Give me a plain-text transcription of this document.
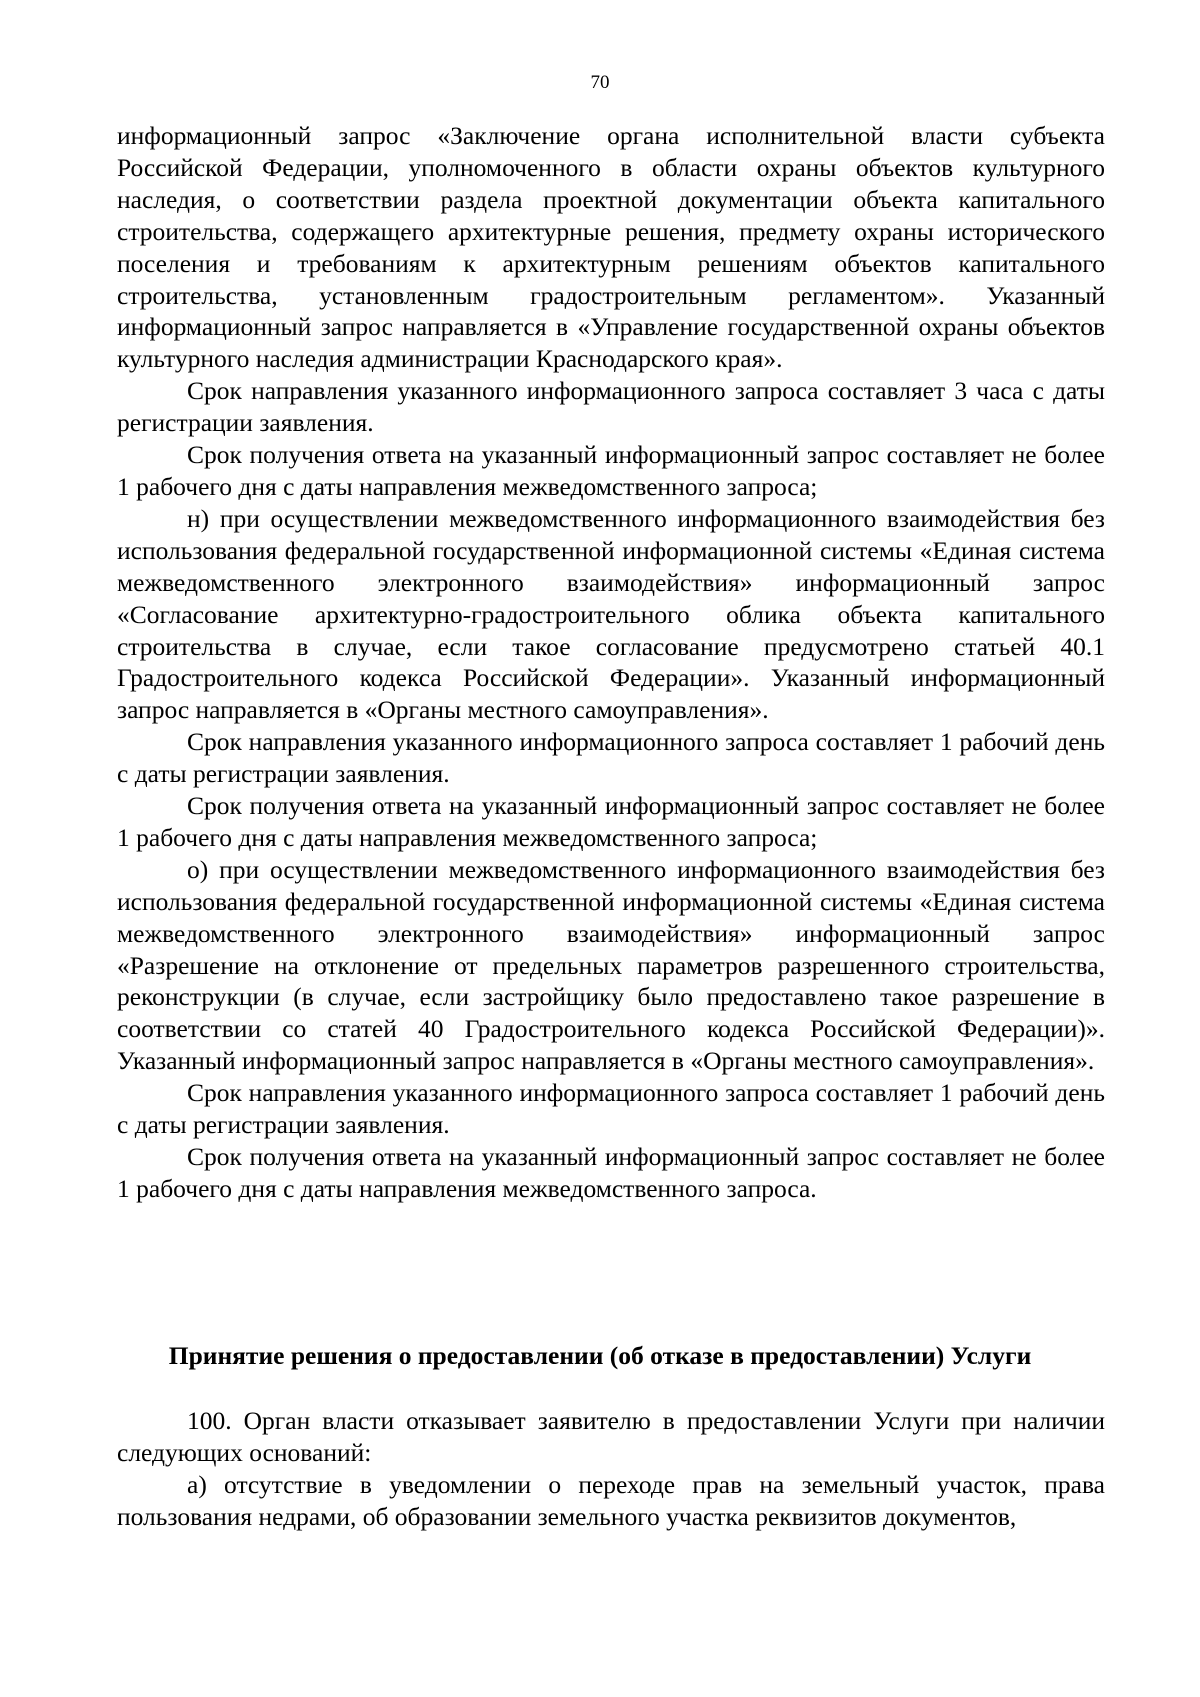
70

информационный запрос «Заключение органа исполнительной власти субъекта Российской Федерации, уполномоченного в области охраны объектов культурного наследия, о соответствии раздела проектной документации объекта капитального строительства, содержащего архитектурные решения, предмету охраны исторического поселения и требованиям к архитектурным решениям объектов капитального строительства, установленным градостроительным регламентом». Указанный информационный запрос направляется в «Управление государственной охраны объектов культурного наследия администрации Краснодарского края».

Срок направления указанного информационного запроса составляет 3 часа с даты регистрации заявления.

Срок получения ответа на указанный информационный запрос составляет не более 1 рабочего дня с даты направления межведомственного запроса;

н) при осуществлении межведомственного информационного взаимодействия без использования федеральной государственной информационной системы «Единая система межведомственного электронного взаимодействия» информационный запрос «Согласование архитектурно-градостроительного облика объекта капитального строительства в случае, если такое согласование предусмотрено статьей 40.1 Градостроительного кодекса Российской Федерации». Указанный информационный запрос направляется в «Органы местного самоуправления».

Срок направления указанного информационного запроса составляет 1 рабочий день с даты регистрации заявления.

Срок получения ответа на указанный информационный запрос составляет не более 1 рабочего дня с даты направления межведомственного запроса;

о) при осуществлении межведомственного информационного взаимодействия без использования федеральной государственной информационной системы «Единая система межведомственного электронного взаимодействия» информационный запрос «Разрешение на отклонение от предельных параметров разрешенного строительства, реконструкции (в случае, если застройщику было предоставлено такое разрешение в соответствии со статей 40 Градостроительного кодекса Российской Федерации)». Указанный информационный запрос направляется в «Органы местного самоуправления».

Срок направления указанного информационного запроса составляет 1 рабочий день с даты регистрации заявления.

Срок получения ответа на указанный информационный запрос составляет не более 1 рабочего дня с даты направления межведомственного запроса.

Принятие решения о предоставлении (об отказе в предоставлении) Услуги

100. Орган власти отказывает заявителю в предоставлении Услуги при наличии следующих оснований:

а) отсутствие в уведомлении о переходе прав на земельный участок, права пользования недрами, об образовании земельного участка реквизитов документов,
